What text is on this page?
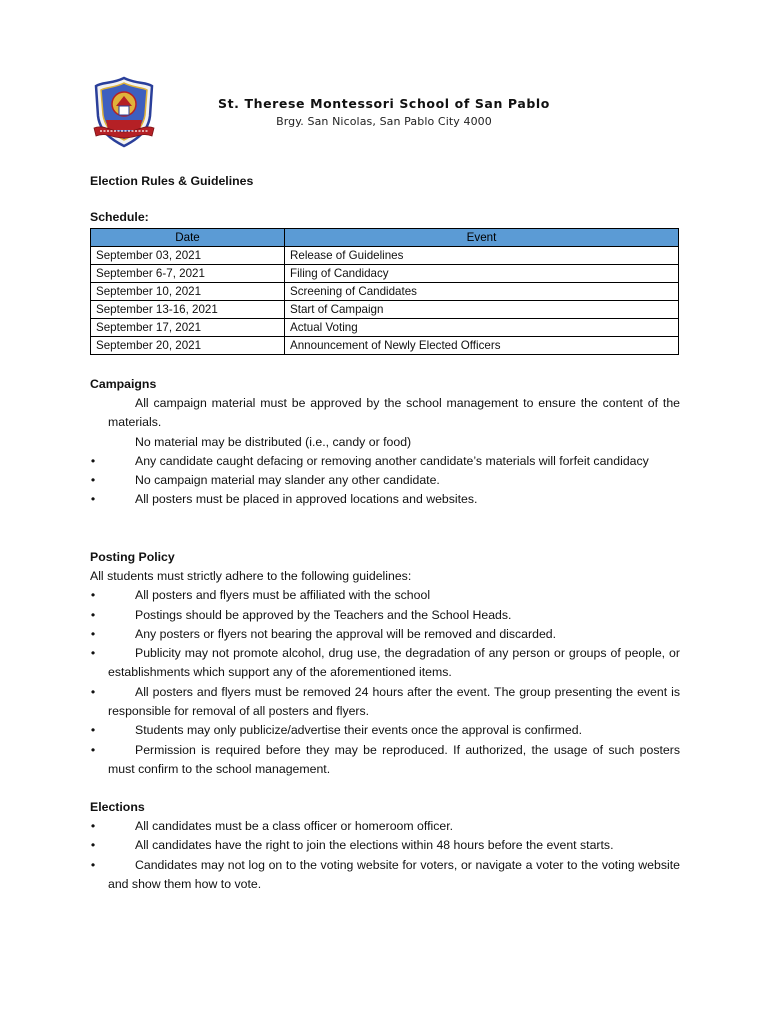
St. Therese Montessori School of San Pablo
Brgy. San Nicolas, San Pablo City 4000
Election Rules & Guidelines
Schedule:
Date	Event
September 03, 2021	Release of Guidelines
September 6-7, 2021	Filing of Candidacy
September 10, 2021	Screening of Candidates
September 13-16, 2021	Start of Campaign
September 17, 2021	Actual Voting
September 20, 2021	Announcement of Newly Elected Officers
Campaigns
All campaign material must be approved by the school management to ensure the content of the materials.
No material may be distributed (i.e., candy or food)
•	Any candidate caught defacing or removing another candidate’s materials will forfeit candidacy
•	No campaign material may slander any other candidate.
•	All posters must be placed in approved locations and websites.
Posting Policy
All students must strictly adhere to the following guidelines:
•	All posters and flyers must be affiliated with the school
•	Postings should be approved by the Teachers and the School Heads.
•	Any posters or flyers not bearing the approval will be removed and discarded.
•	Publicity may not promote alcohol, drug use, the degradation of any person or groups of people, or establishments which support any of the aforementioned items.
•	All posters and flyers must be removed 24 hours after the event. The group presenting the event is responsible for removal of all posters and flyers.
•	Students may only publicize/advertise their events once the approval is confirmed.
•	Permission is required before they may be reproduced. If authorized, the usage of such posters must confirm to the school management.
Elections
•	All candidates must be a class officer or homeroom officer.
•	All candidates have the right to join the elections within 48 hours before the event starts.
•	Candidates may not log on to the voting website for voters, or navigate a voter to the voting website and show them how to vote.
